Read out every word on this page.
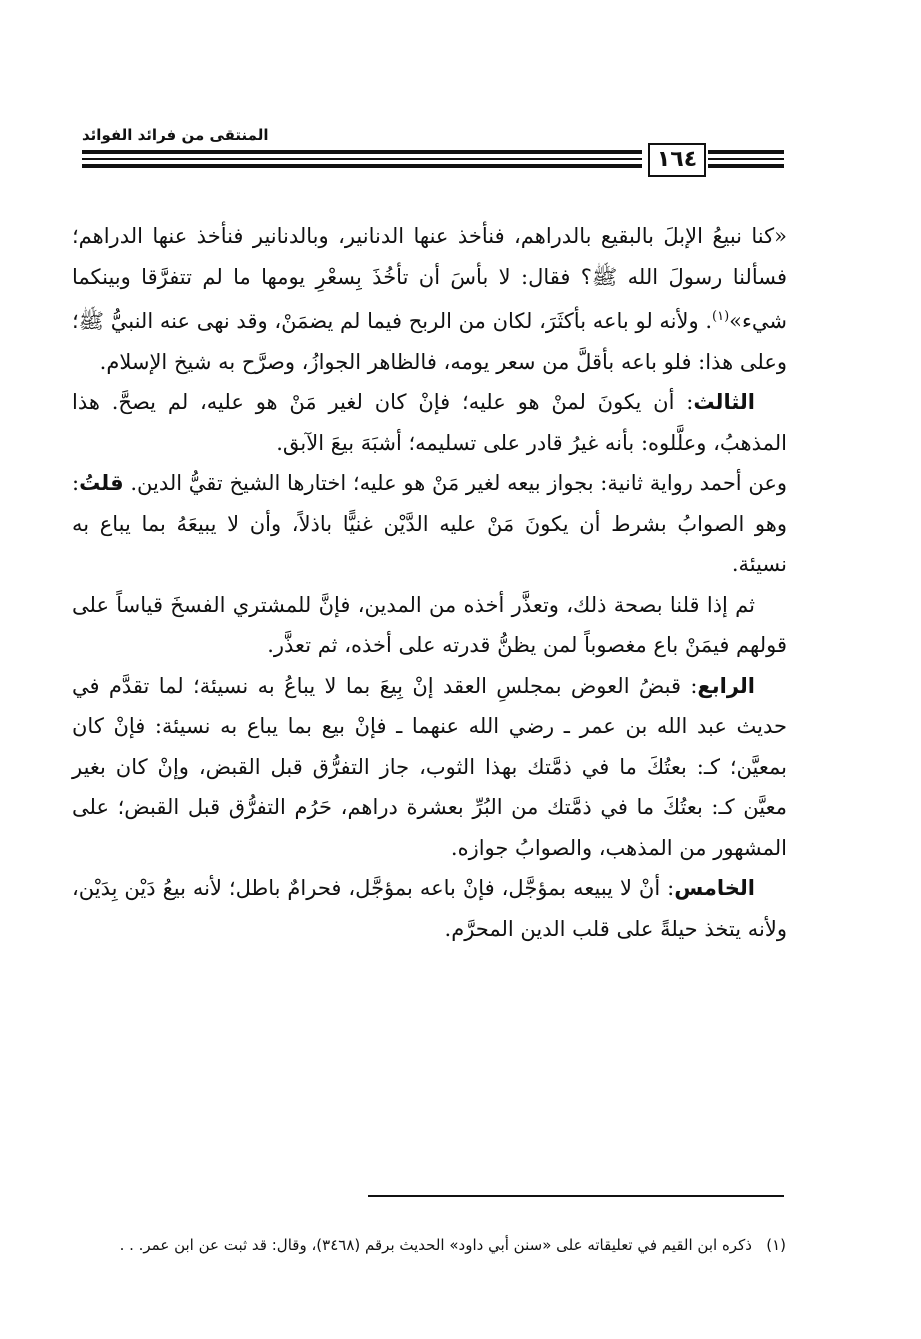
المنتقى من فرائد الفوائد
١٦٤

«كنا نبيعُ الإبلَ بالبقيع بالدراهم، فنأخذ عنها الدنانير، وبالدنانير فنأخذ عنها الدراهم؛ فسألنا رسولَ الله ﷺ؟ فقال: لا بأسَ أن تأخُذَ بِسعْرِ يومها ما لم تتفرَّقا وبينكما شيء»$^{(١)}$. ولأنه لو باعه بأكثَرَ، لكان من الربح فيما لم يضمَنْ، وقد نهى عنه النبيُّ ﷺ؛ وعلى هذا: فلو باعه بأقلَّ من سعر يومه، فالظاهر الجوازُ، وصرَّح به شيخ الإسلام.

الثالث: أن يكونَ لمنْ هو عليه؛ فإنْ كان لغير مَنْ هو عليه، لم يصحَّ. هذا المذهبُ، وعلَّلوه: بأنه غيرُ قادر على تسليمه؛ أشبَهَ بيعَ الآبق.

وعن أحمد رواية ثانية: بجواز بيعه لغير مَنْ هو عليه؛ اختارها الشيخ تقيُّ الدين. قلتُ: وهو الصوابُ بشرط أن يكونَ مَنْ عليه الدَّيْن غنيًّا باذلاً، وأن لا يبيعَهُ بما يباع به نسيئة.

ثم إذا قلنا بصحة ذلك، وتعذَّر أخذه من المدين، فإنَّ للمشتري الفسخَ قياساً على قولهم فيمَنْ باع مغصوباً لمن يظنُّ قدرته على أخذه، ثم تعذَّر.

الرابع: قبضُ العوض بمجلسِ العقد إنْ بِيعَ بما لا يباعُ به نسيئة؛ لما تقدَّم في حديث عبد الله بن عمر ـ رضي الله عنهما ـ فإنْ بيع بما يباع به نسيئة: فإنْ كان بمعيَّن؛ كـ: بعتُكَ ما في ذمَّتك بهذا الثوب، جاز التفرُّق قبل القبض، وإنْ كان بغير معيَّن كـ: بعتُكَ ما في ذمَّتك من البُرِّ بعشرة دراهم، حَرُم التفرُّق قبل القبض؛ على المشهور من المذهب، والصوابُ جوازه.

الخامس: أنْ لا يبيعه بمؤجَّل، فإنْ باعه بمؤجَّل، فحرامٌ باطل؛ لأنه بيعُ دَيْن بِدَيْن، ولأنه يتخذ حيلةً على قلب الدين المحرَّم.

(١)   ذكره ابن القيم في تعليقاته على «سنن أبي داود» الحديث برقم (٣٤٦٨)، وقال: قد ثبت عن ابن عمر. . .
